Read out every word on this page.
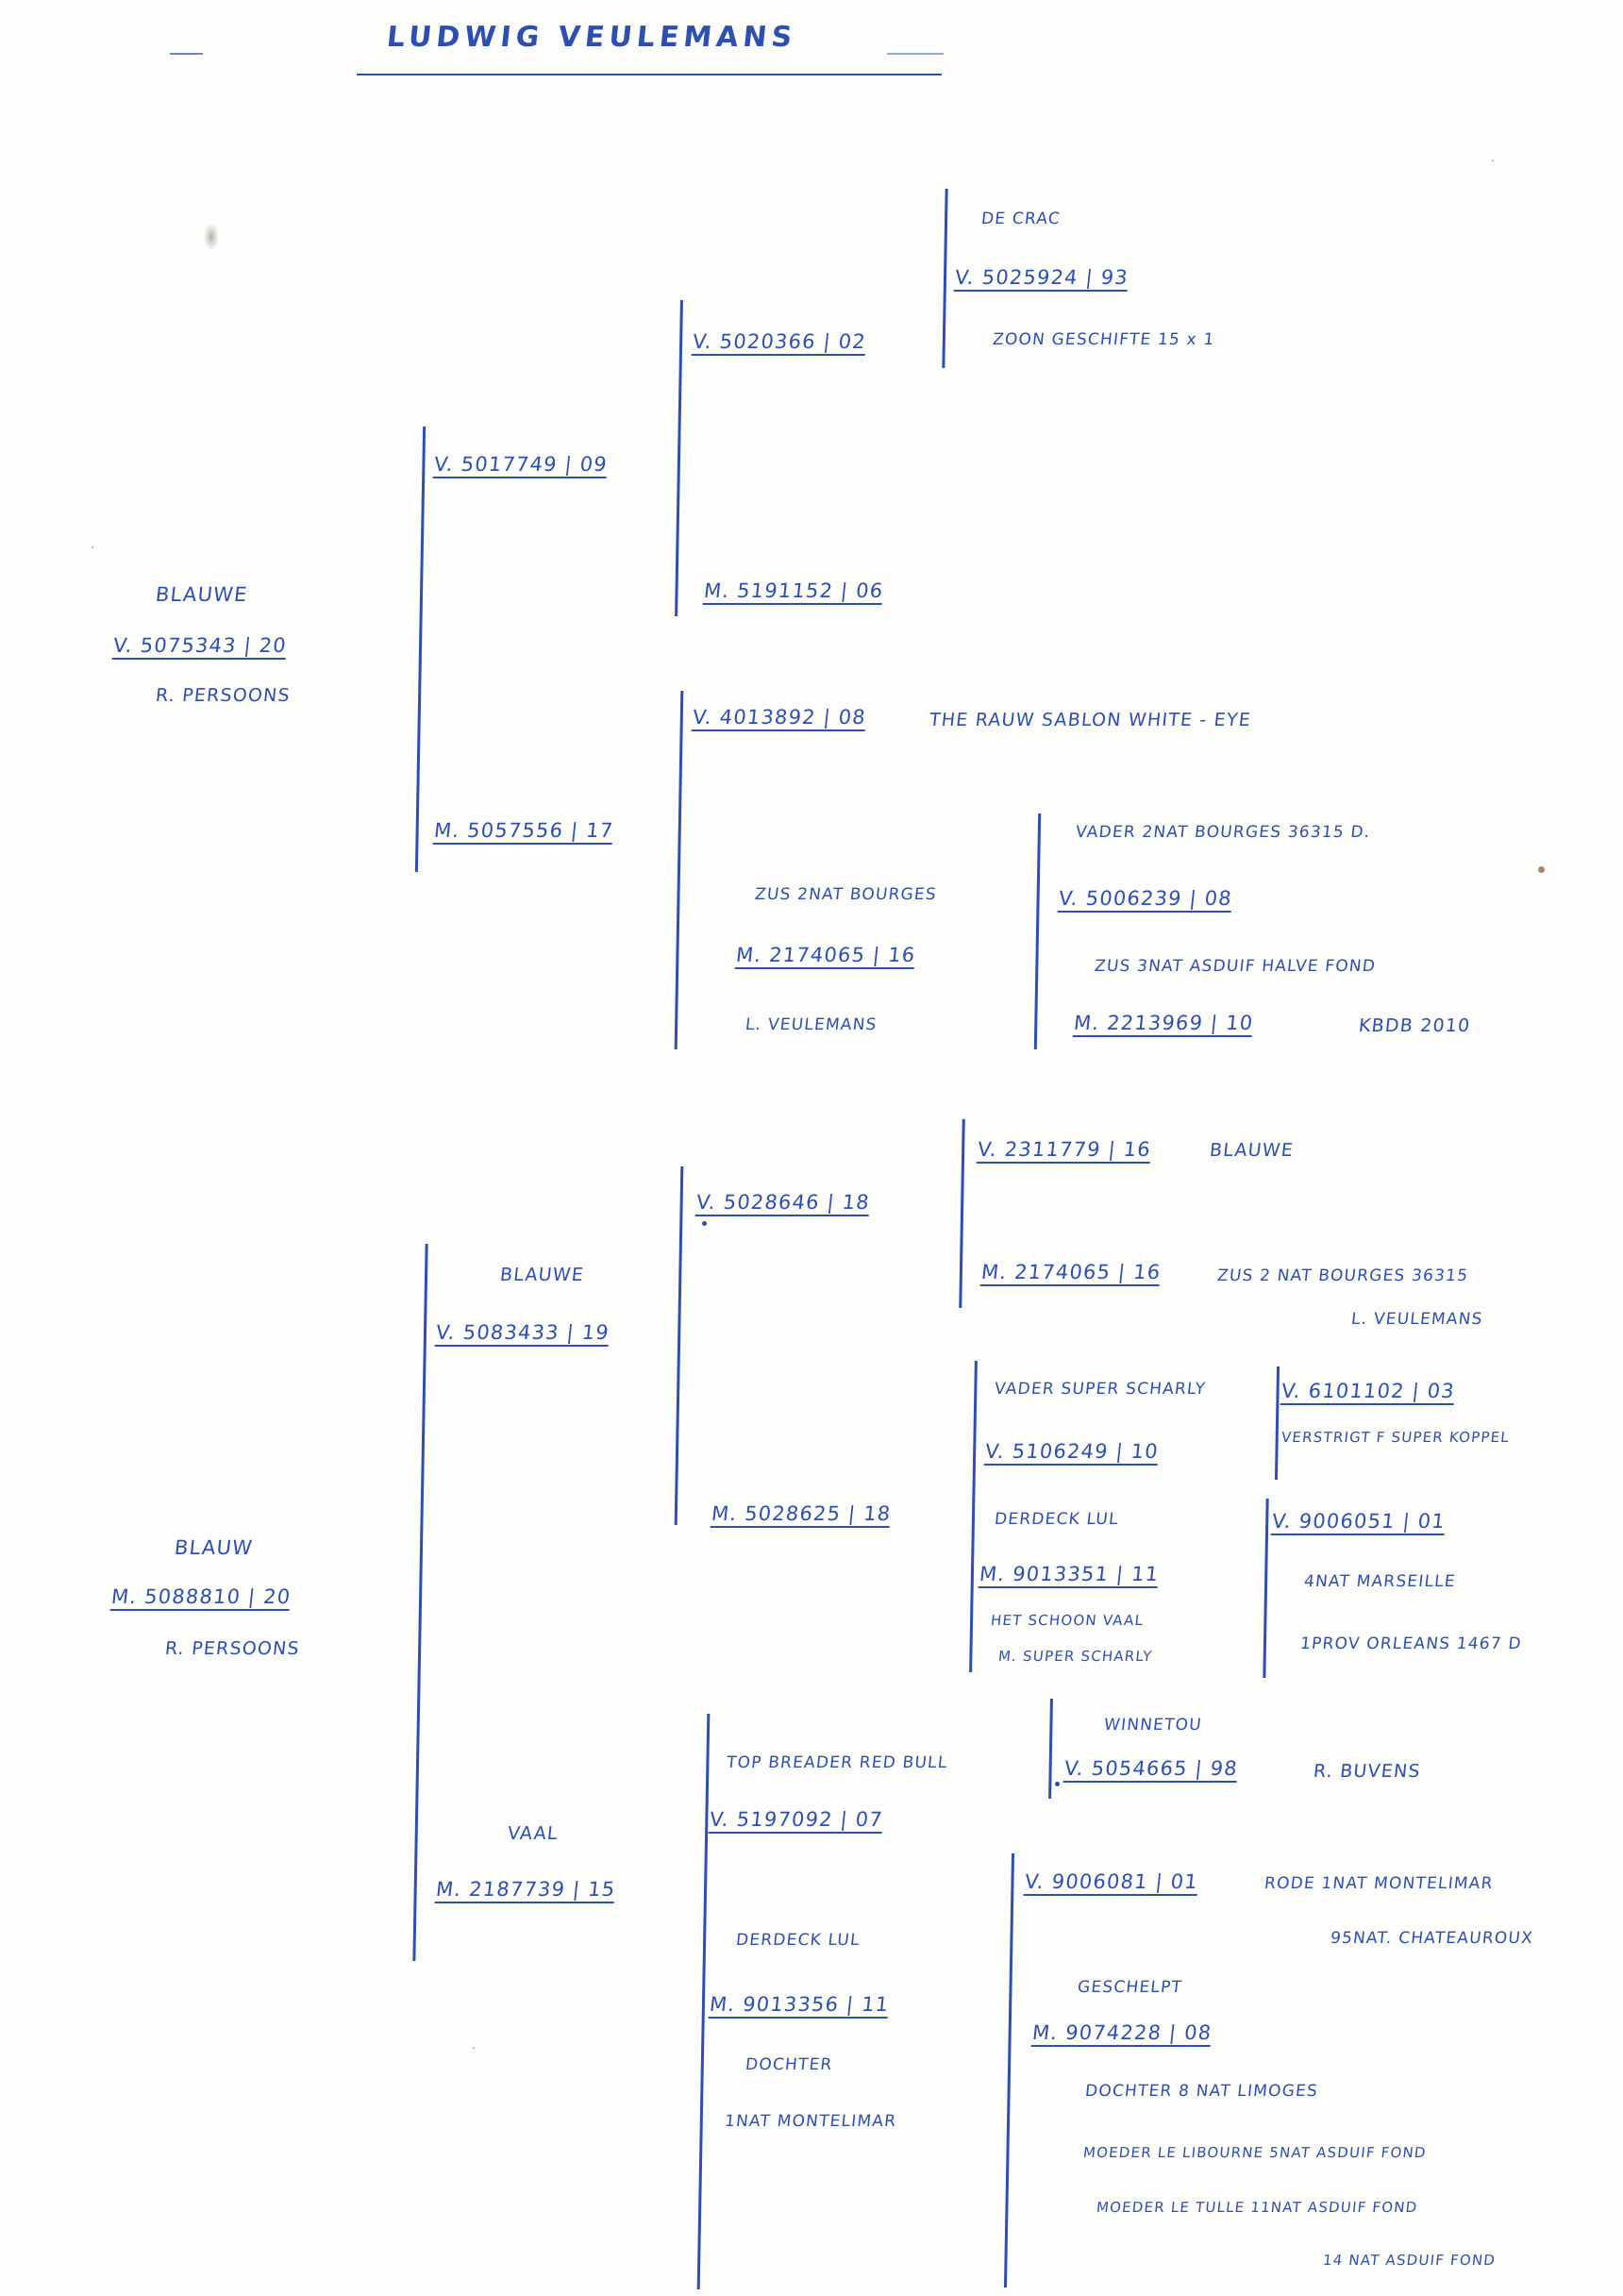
LUDWIG VEULEMANS
.
.
.
BLAUWE
V. 5075343 | 20
R. PERSOONS
V. 5017749 | 09
M. 5057556 | 17
V. 5020366 | 02
M. 5191152 | 06
V. 4013892 | 08	THE RAUW SABLON WHITE - EYE
ZUS 2NAT BOURGES
M. 2174065 | 16
L. VEULEMANS
DE CRAC
V. 5025924 | 93
ZOON GESCHIFTE 15 x 1
VADER 2NAT BOURGES 36315 D.
V. 5006239 | 08
ZUS 3NAT ASDUIF HALVE FOND
M. 2213969 | 10	KBDB 2010
BLAUW
M. 5088810 | 20
R. PERSOONS
BLAUWE
V. 5083433 | 19
VAAL
M. 2187739 | 15
V. 5028646 | 18
M. 5028625 | 18
TOP BREADER RED BULL
V. 5197092 | 07
DERDECK LUL
M. 9013356 | 11
DOCHTER
1NAT MONTELIMAR
V. 2311779 | 16	BLAUWE
M. 2174065 | 16	ZUS 2 NAT BOURGES 36315
L. VEULEMANS
VADER SUPER SCHARLY
V. 5106249 | 10
DERDECK LUL
M. 9013351 | 11
HET SCHOON VAAL
M. SUPER SCHARLY
V. 6101102 | 03
VERSTRIGT F SUPER KOPPEL
V. 9006051 | 01
4NAT MARSEILLE
1PROV ORLEANS 1467 D
WINNETOU
V. 5054665 | 98	R. BUVENS
V. 9006081 | 01	RODE 1NAT MONTELIMAR
95NAT. CHATEAUROUX
GESCHELPT
M. 9074228 | 08
DOCHTER 8 NAT LIMOGES
MOEDER LE LIBOURNE 5NAT ASDUIF FOND
MOEDER LE TULLE 11NAT ASDUIF FOND
14 NAT ASDUIF FOND
